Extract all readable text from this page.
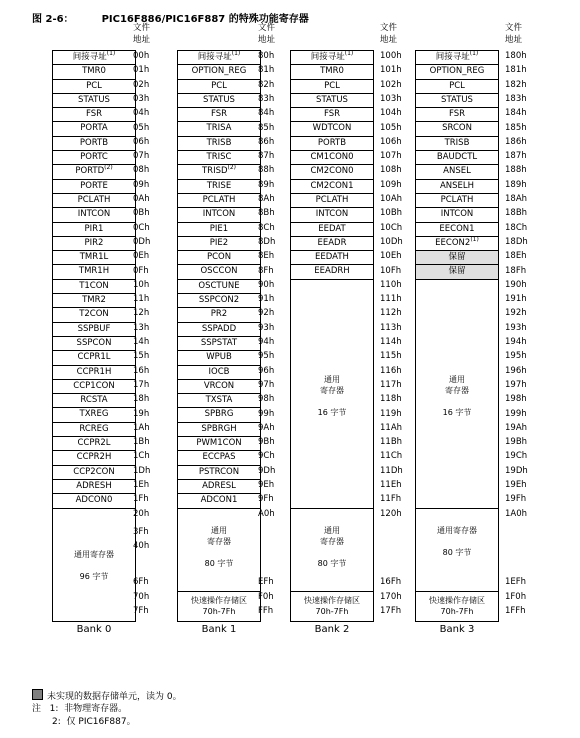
图 2-6：	PIC16F886/PIC16F887 的特殊功能寄存器
文件
地址
00h
01h
02h
03h
04h
05h
06h
07h
08h
09h
0Ah
0Bh
0Ch
0Dh
0Eh
0Fh
10h
11h
12h
13h
14h
15h
16h
17h
18h
19h
1Ah
1Bh
1Ch
1Dh
1Eh
1Fh
20h
3Fh
40h
6Fh
70h
7Fh
间接寻址$^{(1)}$
TMR0
PCL
STATUS
FSR
PORTA
PORTB
PORTC
PORTD$^{(2)}$
PORTE
PCLATH
INTCON
PIR1
PIR2
TMR1L
TMR1H
T1CON
TMR2
T2CON
SSPBUF
SSPCON
CCPR1L
CCPR1H
CCP1CON
RCSTA
TXREG
RCREG
CCPR2L
CCPR2H
CCP2CON
ADRESH
ADCON0
通用寄存器

96 字节
Bank 0
文件
地址
80h
81h
82h
83h
84h
85h
86h
87h
88h
89h
8Ah
8Bh
8Ch
8Dh
8Eh
8Fh
90h
91h
92h
93h
94h
95h
96h
97h
98h
99h
9Ah
9Bh
9Ch
9Dh
9Eh
9Fh
A0h
EFh
F0h
FFh
间接寻址$^{(1)}$
OPTION_REG
PCL
STATUS
FSR
TRISA
TRISB
TRISC
TRISD$^{(2)}$
TRISE
PCLATH
INTCON
PIE1
PIE2
PCON
OSCCON
OSCTUNE
SSPCON2
PR2
SSPADD
SSPSTAT
WPUB
IOCB
VRCON
TXSTA
SPBRG
SPBRGH
PWM1CON
ECCPAS
PSTRCON
ADRESL
ADCON1
通用
寄存器

80 字节
快速操作存储区
70h-7Fh
Bank 1
文件
地址
100h
101h
102h
103h
104h
105h
106h
107h
108h
109h
10Ah
10Bh
10Ch
10Dh
10Eh
10Fh
110h
111h
112h
113h
114h
115h
116h
117h
118h
119h
11Ah
11Bh
11Ch
11Dh
11Eh
11Fh
120h
16Fh
170h
17Fh
间接寻址$^{(1)}$
TMR0
PCL
STATUS
FSR
WDTCON
PORTB
CM1CON0
CM2CON0
CM2CON1
PCLATH
INTCON
EEDAT
EEADR
EEDATH
EEADRH
通用
寄存器

16 字节
通用
寄存器

80 字节
快速操作存储区
70h-7Fh
Bank 2
文件
地址
180h
181h
182h
183h
184h
185h
186h
187h
188h
189h
18Ah
18Bh
18Ch
18Dh
18Eh
18Fh
190h
191h
192h
193h
194h
195h
196h
197h
198h
199h
19Ah
19Bh
19Ch
19Dh
19Eh
19Fh
1A0h
1EFh
1F0h
1FFh
间接寻址$^{(1)}$
OPTION_REG
PCL
STATUS
FSR
SRCON
TRISB
BAUDCTL
ANSEL
ANSELH
PCLATH
INTCON
EECON1
EECON2$^{(1)}$
保留
保留
通用
寄存器

16 字节
通用寄存器

80 字节
快速操作存储区
70h-7Fh
Bank 3
未实现的数据存储单元，读为 0。
注 1: 非物理寄存器。
2: 仅 PIC16F887。
